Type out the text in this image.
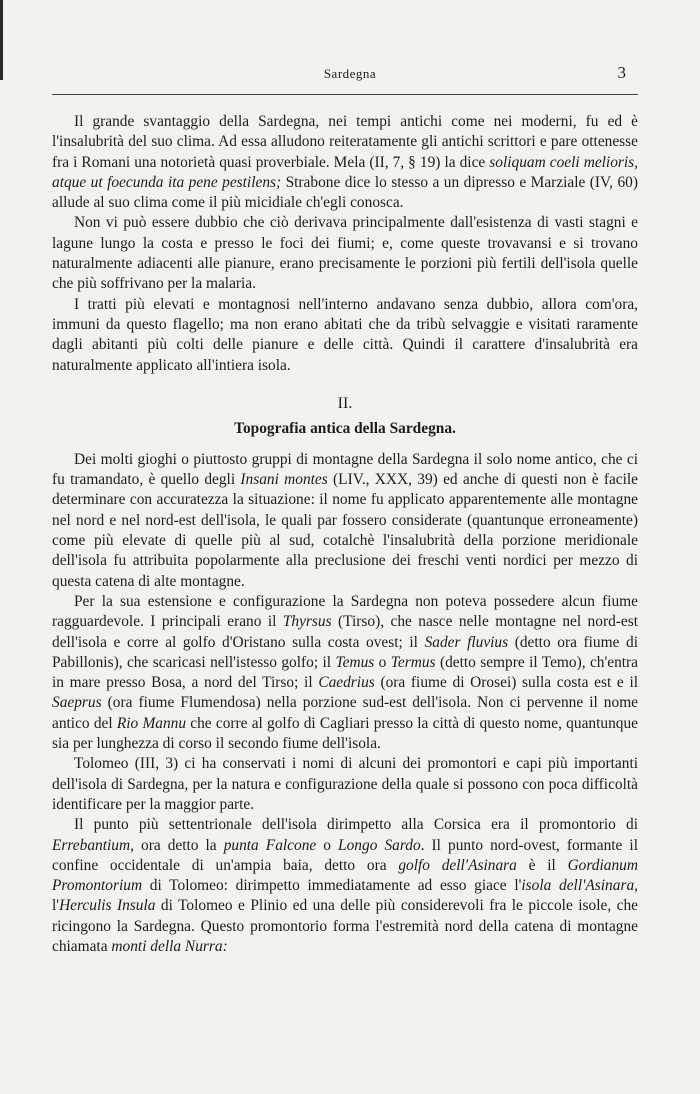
Sardegna	3

Il grande svantaggio della Sardegna, nei tempi antichi come nei moderni, fu ed è l'insalubrità del suo clima. Ad essa alludono reiteratamente gli antichi scrittori e pare ottenesse fra i Romani una notorietà quasi proverbiale. Mela (II, 7, § 19) la dice soliquam coeli melioris, atque ut foecunda ita pene pestilens; Strabone dice lo stesso a un dipresso e Marziale (IV, 60) allude al suo clima come il più micidiale ch'egli conosca.

Non vi può essere dubbio che ciò derivava principalmente dall'esistenza di vasti stagni e lagune lungo la costa e presso le foci dei fiumi; e, come queste trovavansi e si trovano naturalmente adiacenti alle pianure, erano precisamente le porzioni più fertili dell'isola quelle che più soffrivano per la malaria.

I tratti più elevati e montagnosi nell'interno andavano senza dubbio, allora com'ora, immuni da questo flagello; ma non erano abitati che da tribù selvaggie e visitati raramente dagli abitanti più colti delle pianure e delle città. Quindi il carattere d'insalubrità era naturalmente applicato all'intiera isola.

II.
Topografia antica della Sardegna.

Dei molti gioghi o piuttosto gruppi di montagne della Sardegna il solo nome antico, che ci fu tramandato, è quello degli Insani montes (LIV., XXX, 39) ed anche di questi non è facile determinare con accuratezza la situazione: il nome fu applicato apparentemente alle montagne nel nord e nel nord-est dell'isola, le quali par fossero considerate (quantunque erroneamente) come più elevate di quelle più al sud, cotalchè l'insalubrità della porzione meridionale dell'isola fu attribuita popolarmente alla preclusione dei freschi venti nordici per mezzo di questa catena di alte montagne.

Per la sua estensione e configurazione la Sardegna non poteva possedere alcun fiume ragguardevole. I principali erano il Thyrsus (Tirso), che nasce nelle montagne nel nord-est dell'isola e corre al golfo d'Oristano sulla costa ovest; il Sader fluvius (detto ora fiume di Pabillonis), che scaricasi nell'istesso golfo; il Temus o Termus (detto sempre il Temo), ch'entra in mare presso Bosa, a nord del Tirso; il Caedrius (ora fiume di Orosei) sulla costa est e il Saeprus (ora fiume Flumendosa) nella porzione sud-est dell'isola. Non ci pervenne il nome antico del Rio Mannu che corre al golfo di Cagliari presso la città di questo nome, quantunque sia per lunghezza di corso il secondo fiume dell'isola.

Tolomeo (III, 3) ci ha conservati i nomi di alcuni dei promontori e capi più importanti dell'isola di Sardegna, per la natura e configurazione della quale si possono con poca difficoltà identificare per la maggior parte.

Il punto più settentrionale dell'isola dirimpetto alla Corsica era il promontorio di Errebantium, ora detto la punta Falcone o Longo Sardo. Il punto nord-ovest, formante il confine occidentale di un'ampia baia, detto ora golfo dell'Asinara è il Gordianum Promontorium di Tolomeo: dirimpetto immediatamente ad esso giace l'isola dell'Asinara, l'Herculis Insula di Tolomeo e Plinio ed una delle più considerevoli fra le piccole isole, che ricingono la Sardegna. Questo promontorio forma l'estremità nord della catena di montagne chiamata monti della Nurra:
